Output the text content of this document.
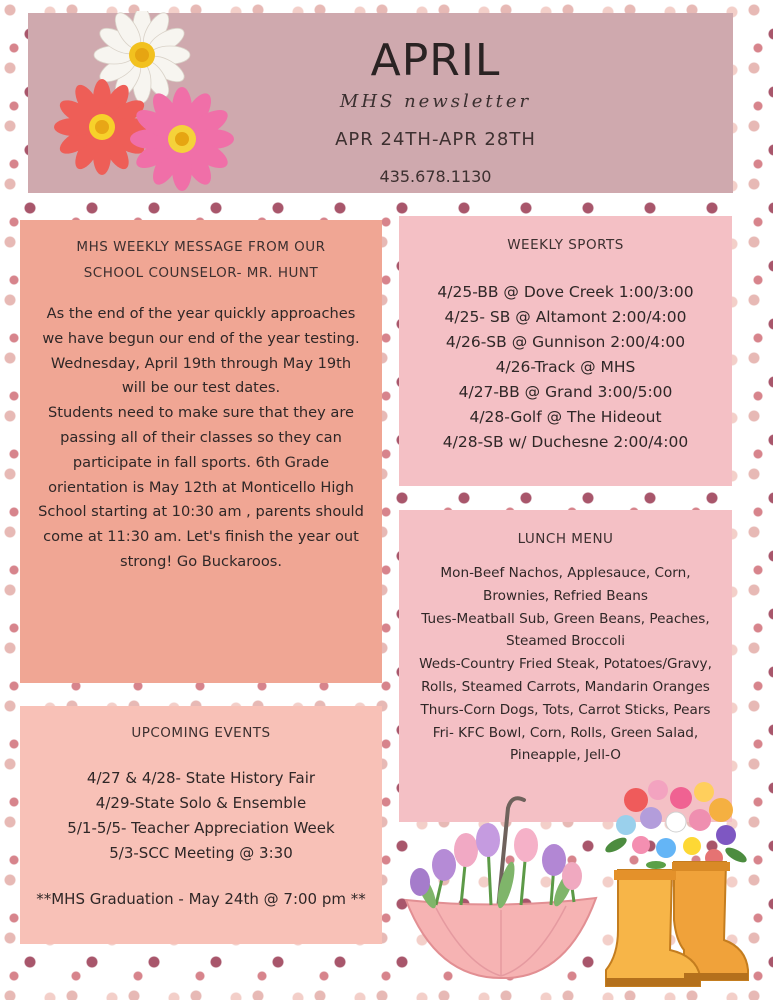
APRIL
MHS newsletter
APR 24TH-APR 28TH
435.678.1130
MHS WEEKLY MESSAGE FROM OUR
SCHOOL COUNSELOR- MR. HUNT
As the end of the year quickly approaches we have begun our end of the year testing. Wednesday, April 19th through May 19th will be our test dates.
Students need to make sure that they are passing all of their classes so they can participate in fall sports. 6th Grade orientation is May 12th at Monticello High School starting at 10:30 am , parents should come at 11:30 am. Let's finish the year out strong! Go Buckaroos.
WEEKLY SPORTS
4/25-BB @ Dove Creek 1:00/3:00
4/25- SB @ Altamont 2:00/4:00
4/26-SB @ Gunnison 2:00/4:00
4/26-Track @ MHS
4/27-BB @ Grand 3:00/5:00
4/28-Golf @ The Hideout
4/28-SB w/ Duchesne 2:00/4:00
LUNCH MENU
Mon-Beef Nachos, Applesauce, Corn, Brownies, Refried Beans
Tues-Meatball Sub, Green Beans, Peaches, Steamed Broccoli
Weds-Country Fried Steak, Potatoes/Gravy, Rolls, Steamed Carrots, Mandarin Oranges
Thurs-Corn Dogs, Tots, Carrot Sticks, Pears
Fri- KFC Bowl, Corn, Rolls, Green Salad, Pineapple, Jell-O
UPCOMING EVENTS
4/27 & 4/28- State History Fair
4/29-State Solo & Ensemble
5/1-5/5- Teacher Appreciation Week
5/3-SCC Meeting @ 3:30
**MHS Graduation - May 24th @ 7:00 pm **
